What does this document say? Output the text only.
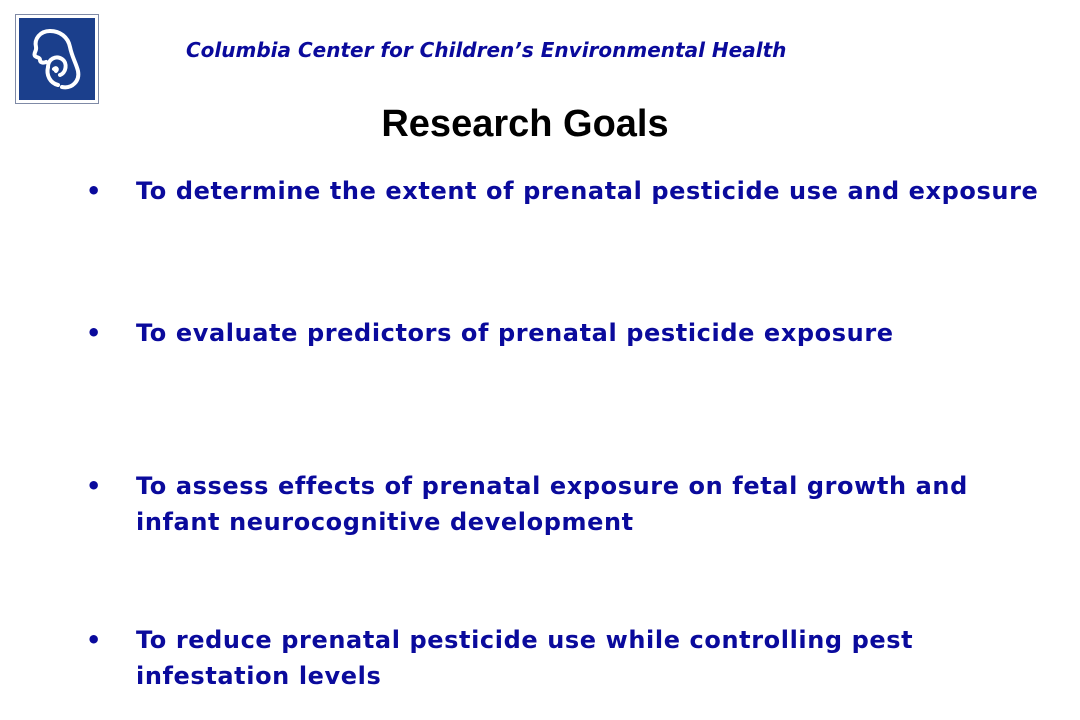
Columbia Center for Children’s Environmental Health
Research Goals
• To determine the extent of prenatal pesticide use and exposure
• To evaluate predictors of prenatal pesticide exposure
• To assess effects of prenatal exposure on fetal growth and infant neurocognitive development
• To reduce prenatal pesticide use while controlling pest infestation levels
